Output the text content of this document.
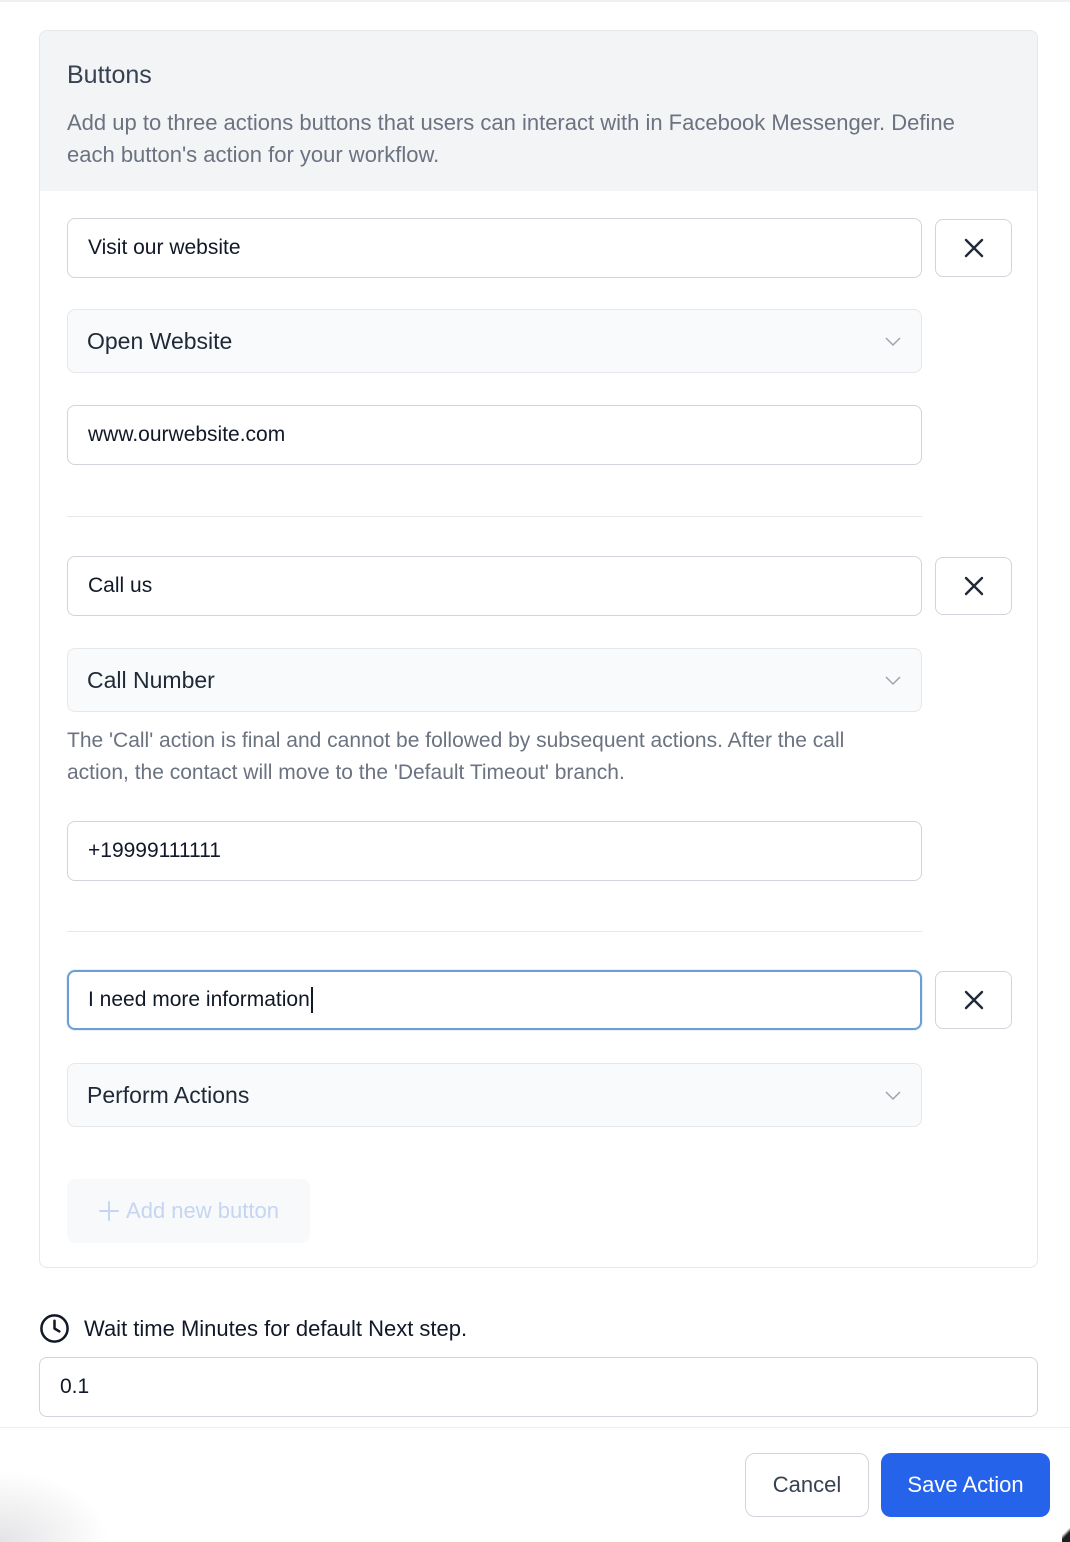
Buttons
Add up to three actions buttons that users can interact with in Facebook Messenger. Define each button's action for your workflow.
Visit our website
Open Website
www.ourwebsite.com
Call us
Call Number
The 'Call' action is final and cannot be followed by subsequent actions. After the call action, the contact will move to the 'Default Timeout' branch.
+19999111111
I need more information
Perform Actions
Add new button
Wait time Minutes for default Next step.
0.1
Cancel	Save Action
